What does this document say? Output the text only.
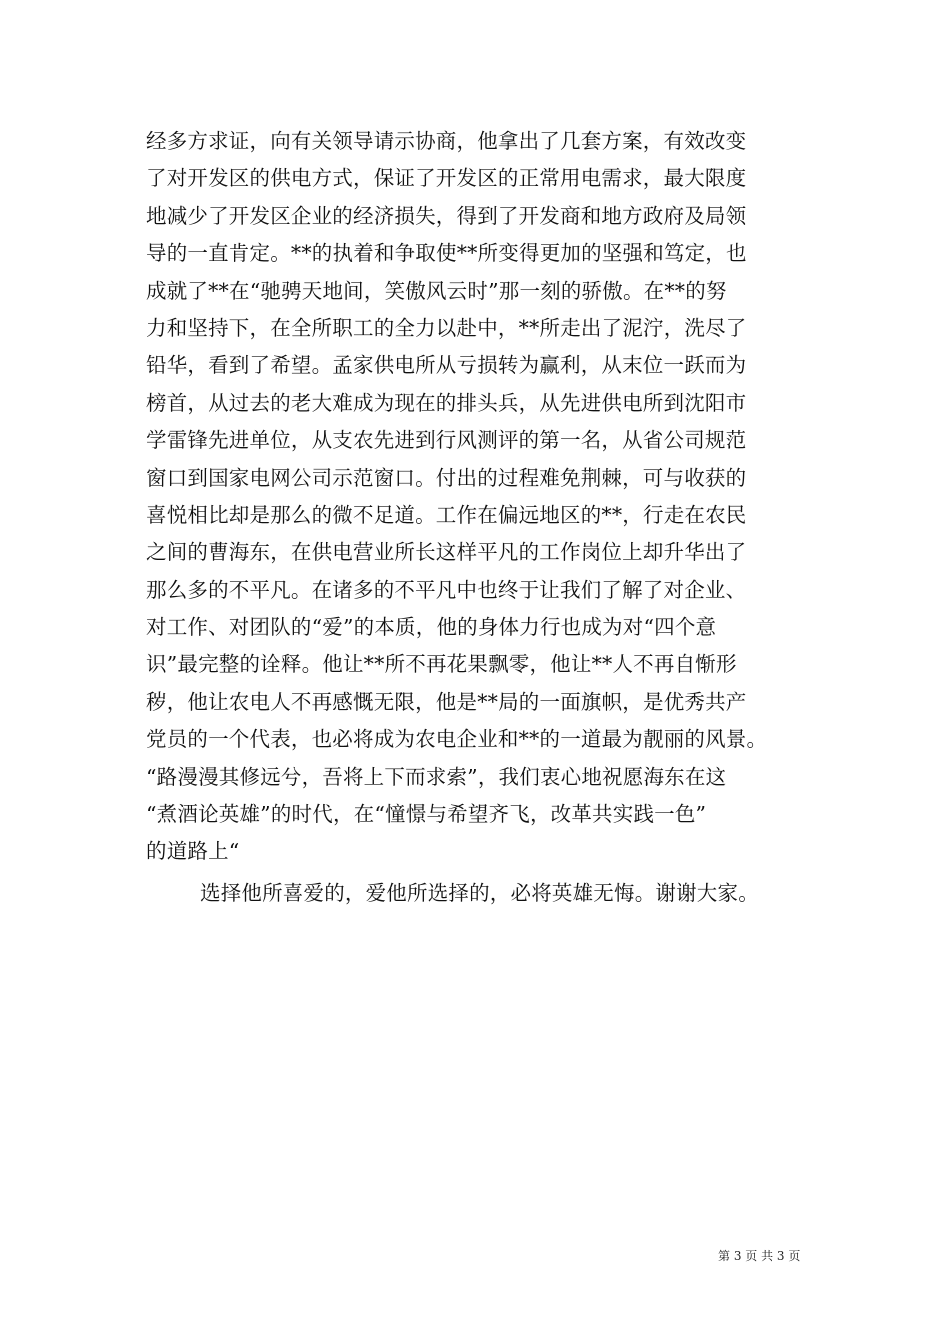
经多方求证，向有关领导请示协商，他拿出了几套方案，有效改变
了对开发区的供电方式，保证了开发区的正常用电需求，最大限度
地减少了开发区企业的经济损失，得到了开发商和地方政府及局领
导的一直肯定。**的执着和争取使**所变得更加的坚强和笃定，也
成就了**在“驰骋天地间，笑傲风云时”那一刻的骄傲。在**的努
力和坚持下，在全所职工的全力以赴中，**所走出了泥泞，洗尽了
铅华，看到了希望。孟家供电所从亏损转为赢利，从末位一跃而为
榜首，从过去的老大难成为现在的排头兵，从先进供电所到沈阳市
学雷锋先进单位，从支农先进到行风测评的第一名，从省公司规范
窗口到国家电网公司示范窗口。付出的过程难免荆棘，可与收获的
喜悦相比却是那么的微不足道。工作在偏远地区的**，行走在农民
之间的曹海东，在供电营业所长这样平凡的工作岗位上却升华出了
那么多的不平凡。在诸多的不平凡中也终于让我们了解了对企业、
对工作、对团队的“爱”的本质，他的身体力行也成为对“四个意
识”最完整的诠释。他让**所不再花果飘零，他让**人不再自惭形
秽，他让农电人不再感慨无限，他是**局的一面旗帜，是优秀共产
党员的一个代表，也必将成为农电企业和**的一道最为靓丽的风景。
“路漫漫其修远兮，吾将上下而求索”，我们衷心地祝愿海东在这
“煮酒论英雄”的时代，在“憧憬与希望齐飞，改革共实践一色”
的道路上“
选择他所喜爱的，爱他所选择的，必将英雄无悔。谢谢大家。
第 3 页 共 3 页
